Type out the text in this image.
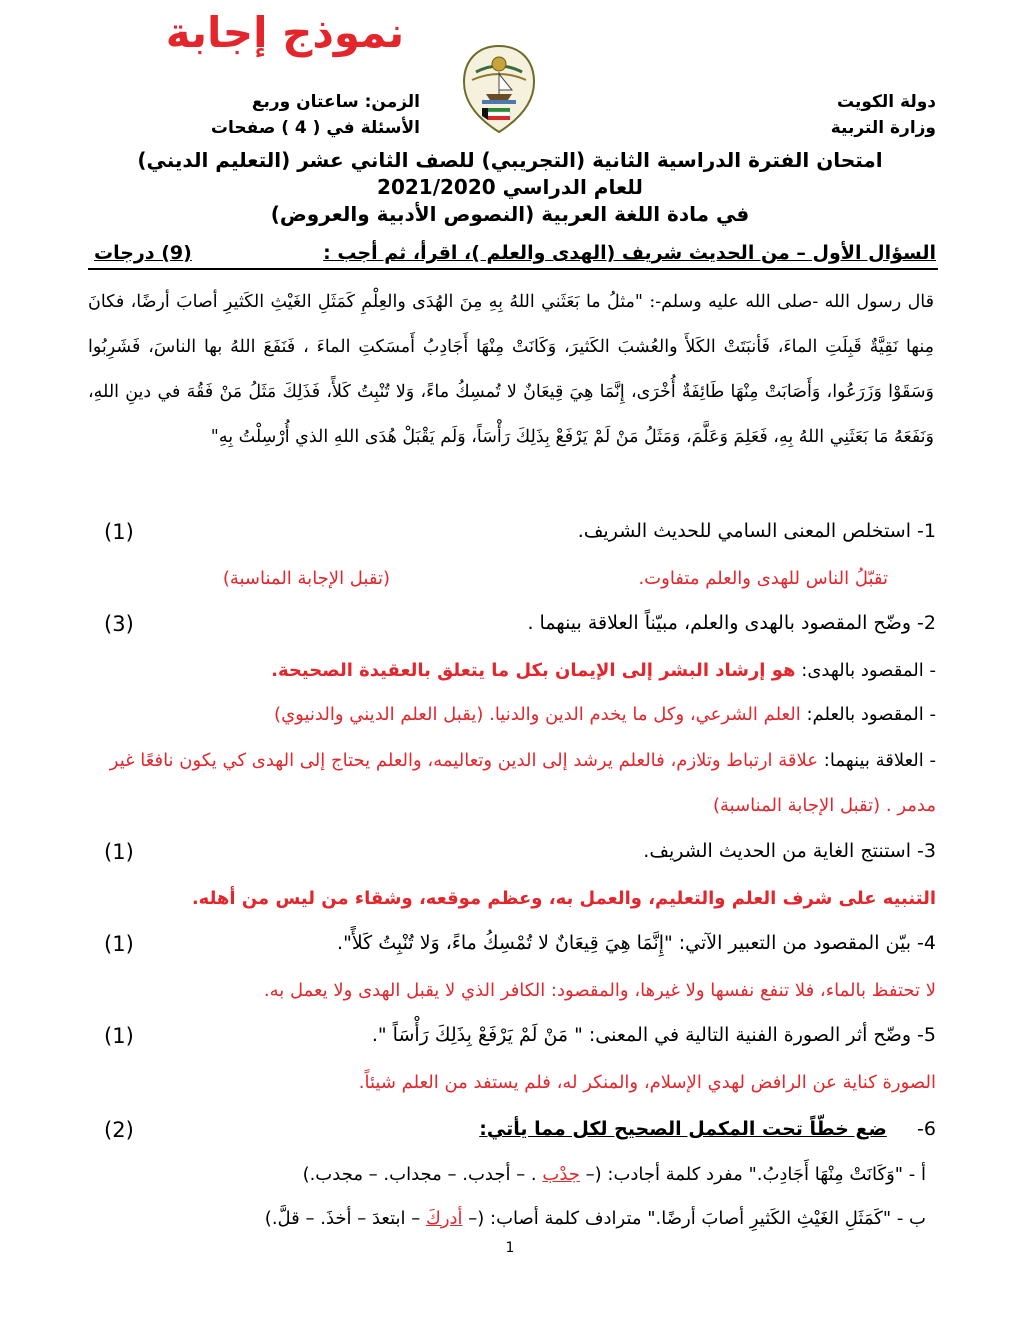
نموذج إجابة
الزمن: ساعتان وربع
الأسئلة في ( 4 ) صفحات
دولة الكويت
وزارة التربية
امتحان الفترة الدراسية الثانية (التجريبي) للصف الثاني عشر (التعليم الديني)
للعام الدراسي 2021/2020
في مادة اللغة العربية (النصوص الأدبية والعروض)
السؤال الأول – من الحديث شريف (الهدى والعلم )، اقرأ، ثم أجب :
(9) درجات
قال رسول الله -صلى الله عليه وسلم-: "مثلُ ما بَعَثَني اللهُ بِهِ مِنَ الهُدَى والعِلْمِ كَمَثَلِ الغَيْثِ الكَثيرِ أصابَ أرضًا، فكانَ مِنها نَقِيَّةٌ قَبِلَتِ الماءَ، فَأنبَتَتْ الكَلأَ والعُشبَ الكَثيرَ، وَكَانَتْ مِنْهَا أَجَادِبُ أَمسَكتِ الماءَ ، فَنَفَعَ اللهُ بها الناسَ، فَشَرِبُوا وَسَقَوْا وَزَرَعُوا، وَأَصَابَتْ مِنْهَا طَائِفَةٌ أُخْرَى، إِنَّمَا هِيَ قِيعَانٌ لا تُمسِكُ ماءً، وَلا تُنْبِتُ كَلأً، فَذَلِكَ مَثَلُ مَنْ فَقُهَ في دينِ اللهِ، وَنَفَعَهُ مَا بَعَثَنِي اللهُ بِهِ، فَعَلِمَ وَعَلَّمَ، وَمَثَلُ مَنْ لَمْ يَرْفَعْ بِذَلِكَ رَأْسَاً، وَلَم يَقْبَلْ هُدَى اللهِ الذي أُرْسِلْتُ بِهِ"
1- استخلص المعنى السامي للحديث الشريف.
(1)
تقبّلُ الناس للهدى والعلم متفاوت.
(تقبل الإجابة المناسبة)
2- وضّح المقصود بالهدى والعلم، مبيّناً العلاقة بينهما .
(3)
- المقصود بالهدى: هو إرشاد البشر إلى الإيمان بكل ما يتعلق بالعقيدة الصحيحة.
- المقصود بالعلم: العلم الشرعي، وكل ما يخدم الدين والدنيا. (يقبل العلم الديني والدنيوي)
- العلاقة بينهما: علاقة ارتباط وتلازم، فالعلم يرشد إلى الدين وتعاليمه، والعلم يحتاج إلى الهدى كي يكون نافعًا غير مدمر . (تقبل الإجابة المناسبة)
3- استنتج الغاية من الحديث الشريف.
(1)
التنبيه على شرف العلم والتعليم، والعمل به، وعظم موقعه، وشقاء من ليس من أهله.
4- بيّن المقصود من التعبير الآتي: "إِنَّمَا هِيَ قِيعَانٌ لا تُمْسِكُ ماءً، وَلا تُنْبِتُ كَلأً".
(1)
لا تحتفظ بالماء، فلا تنفع نفسها ولا غيرها، والمقصود: الكافر الذي لا يقبل الهدى ولا يعمل به.
5- وضّح أثر الصورة الفنية التالية في المعنى: " مَنْ لَمْ يَرْفَعْ بِذَلِكَ رَأْسَاً ".
(1)
الصورة كناية عن الرافض لهدي الإسلام، والمنكر له، فلم يستفد من العلم شيئاً.
6-     ضع خطّاً تحت المكمل الصحيح لكل مما يأتي:
(2)
أ - "وَكَانَتْ مِنْهَا أَجَادِبُ." مفرد كلمة أجادب: (– جدْب . – أجدب. – مجداب. – مجدب.)
ب - "كَمَثَلِ الغَيْثِ الكَثيرِ أصابَ أرضًا." مترادف كلمة أصاب: (– أدركَ – ابتعدَ – أخذَ. – قلَّ.)
1
